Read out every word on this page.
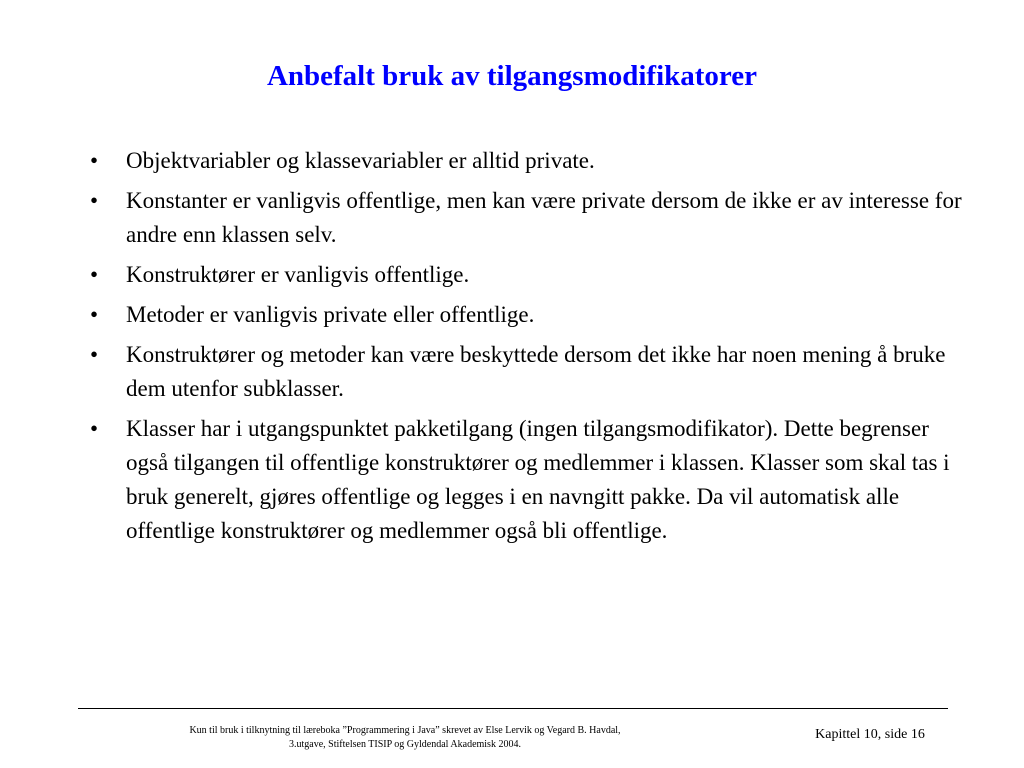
Anbefalt bruk av tilgangsmodifikatorer
• Objektvariabler og klassevariabler er alltid private.
• Konstanter er vanligvis offentlige, men kan være private dersom de ikke er av interesse for andre enn klassen selv.
• Konstruktører er vanligvis offentlige.
• Metoder er vanligvis private eller offentlige.
• Konstruktører og metoder kan være beskyttede dersom det ikke har noen mening å bruke dem utenfor subklasser.
• Klasser har i utgangspunktet pakketilgang (ingen tilgangsmodifikator). Dette begrenser også tilgangen til offentlige konstruktører og medlemmer i klassen. Klasser som skal tas i bruk generelt, gjøres offentlige og legges i en navngitt pakke. Da vil automatisk alle offentlige konstruktører og medlemmer også bli offentlige.
Kun til bruk i tilknytning til læreboka ”Programmering i Java” skrevet av Else Lervik og Vegard B. Havdal,
3.utgave, Stiftelsen TISIP og Gyldendal Akademisk 2004.
Kapittel 10, side 16
